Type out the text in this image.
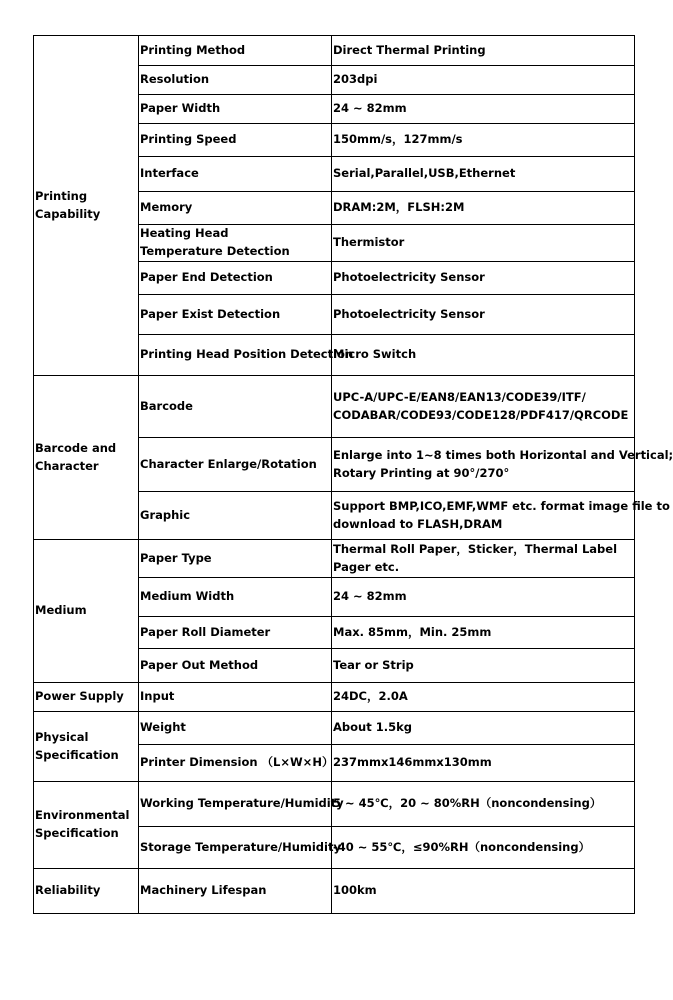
Printing Capability	Printing Method	Direct Thermal Printing
	Resolution	203dpi
	Paper Width	24 ~ 82mm
	Printing Speed	150mm/s，127mm/s
	Interface	Serial,Parallel,USB,Ethernet
	Memory	DRAM:2M，FLSH:2M
	Heating Head
Temperature Detection	Thermistor
	Paper End Detection	Photoelectricity Sensor
	Paper Exist Detection	Photoelectricity Sensor
	Printing Head Position Detection	Micro Switch
Barcode and Character	Barcode	UPC-A/UPC-E/EAN8/EAN13/CODE39/ITF/
CODABAR/CODE93/CODE128/PDF417/QRCODE
	Character Enlarge/Rotation	Enlarge into 1~8 times both Horizontal and Vertical;
Rotary Printing at 90°/270°
	Graphic	Support BMP,ICO,EMF,WMF etc. format image file to
download to FLASH,DRAM
Medium	Paper Type	Thermal Roll Paper，Sticker，Thermal Label
Pager etc.
	Medium Width	24 ~ 82mm
	Paper Roll Diameter	Max. 85mm，Min. 25mm
	Paper Out Method	Tear or Strip
Power Supply	Input	24DC，2.0A
Physical Specification	Weight	About 1.5kg
	Printer Dimension （L×W×H）	237mmx146mmx130mm
Environmental Specification	Working Temperature/Humidity	5 ~ 45℃，20 ~ 80%RH（noncondensing）
	Storage Temperature/Humidity	-40 ~ 55℃，≤90%RH（noncondensing）
Reliability	Machinery Lifespan	100km
